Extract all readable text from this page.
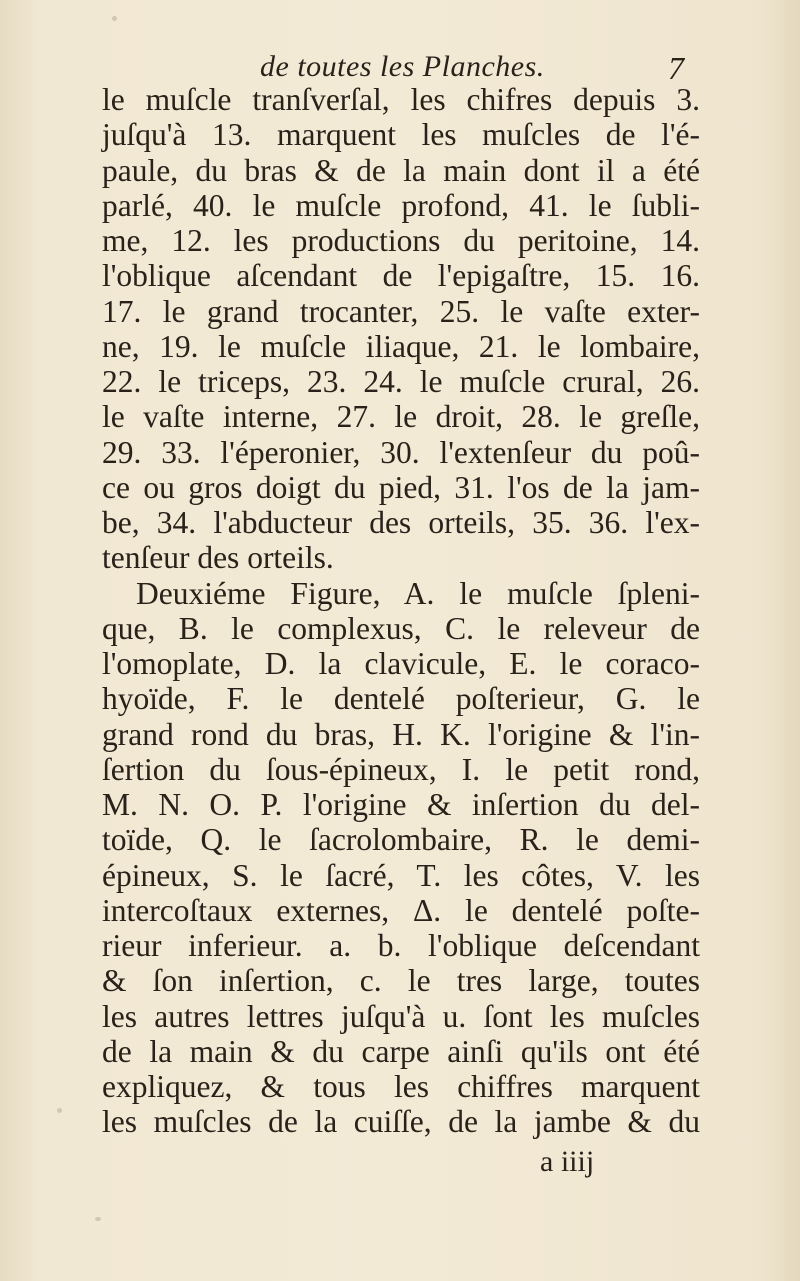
de toutes les Planches.	7
le muſcle tranſverſal, les chifres depuis 3.
juſqu'à 13. marquent les muſcles de l'é-
paule, du bras & de la main dont il a été
parlé, 40. le muſcle profond, 41. le ſubli-
me, 12. les productions du peritoine, 14.
l'oblique aſcendant de l'epigaſtre, 15. 16.
17. le grand trocanter, 25. le vaſte exter-
ne, 19. le muſcle iliaque, 21. le lombaire,
22. le triceps, 23. 24. le muſcle crural, 26.
le vaſte interne, 27. le droit, 28. le greſle,
29. 33. l'éperonier, 30. l'extenſeur du poû-
ce ou gros doigt du pied, 31. l'os de la jam-
be, 34. l'abducteur des orteils, 35. 36. l'ex-
tenſeur des orteils.
Deuxiéme Figure, A. le muſcle ſpleni-
que, B. le complexus, C. le releveur de
l'omoplate, D. la clavicule, E. le coraco-
hyoïde, F. le dentelé poſterieur, G. le
grand rond du bras, H. K. l'origine & l'in-
ſertion du ſous-épineux, I. le petit rond,
M. N. O. P. l'origine & inſertion du del-
toïde, Q. le ſacrolombaire, R. le demi-
épineux, S. le ſacré, T. les côtes, V. les
intercoſtaux externes, Δ. le dentelé poſte-
rieur inferieur. a. b. l'oblique deſcendant
& ſon inſertion, c. le tres large, toutes
les autres lettres juſqu'à u. ſont les muſcles
de la main & du carpe ainſi qu'ils ont été
expliquez, & tous les chiffres marquent
les muſcles de la cuiſſe, de la jambe & du
a iiij
